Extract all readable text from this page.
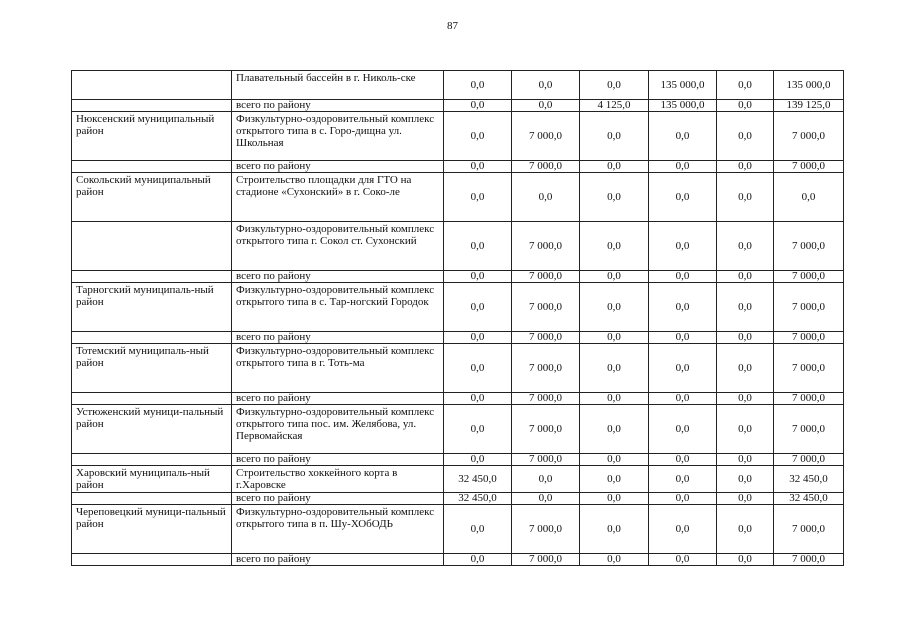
87
	Плавательный бассейн в г. Николь-ске	0,0	0,0	0,0	135 000,0	0,0	135 000,0
	всего по району	0,0	0,0	4 125,0	135 000,0	0,0	139 125,0
Нюксенский муниципальный район	Физкультурно-оздоровительный комплекс открытого типа в с. Горо-дищна ул. Школьная	0,0	7 000,0	0,0	0,0	0,0	7 000,0
	всего по району	0,0	7 000,0	0,0	0,0	0,0	7 000,0
Сокольский муниципальный район	Строительство площадки для ГТО на стадионе «Сухонский» в г. Соко-ле	0,0	0,0	0,0	0,0	0,0	0,0
	Физкультурно-оздоровительный комплекс открытого типа г. Сокол ст. Сухонский	0,0	7 000,0	0,0	0,0	0,0	7 000,0
	всего по району	0,0	7 000,0	0,0	0,0	0,0	7 000,0
Тарногский муниципаль-ный район	Физкультурно-оздоровительный комплекс открытого типа в с. Тар-ногский Городок	0,0	7 000,0	0,0	0,0	0,0	7 000,0
	всего по району	0,0	7 000,0	0,0	0,0	0,0	7 000,0
Тотемский муниципаль-ный район	Физкультурно-оздоровительный комплекс открытого типа в г. Тоть-ма	0,0	7 000,0	0,0	0,0	0,0	7 000,0
	всего по району	0,0	7 000,0	0,0	0,0	0,0	7 000,0
Устюженский муници-пальный район	Физкультурно-оздоровительный комплекс открытого типа пос. им. Желябова, ул. Первомайская	0,0	7 000,0	0,0	0,0	0,0	7 000,0
	всего по району	0,0	7 000,0	0,0	0,0	0,0	7 000,0
Харовский муниципаль-ный район	Строительство хоккейного корта в г.Харовске	32 450,0	0,0	0,0	0,0	0,0	32 450,0
	всего по району	32 450,0	0,0	0,0	0,0	0,0	32 450,0
Череповецкий муници-пальный район	Физкультурно-оздоровительный комплекс открытого типа в п. Шу-ХОбОДЬ	0,0	7 000,0	0,0	0,0	0,0	7 000,0
	всего по району	0,0	7 000,0	0,0	0,0	0,0	7 000,0
